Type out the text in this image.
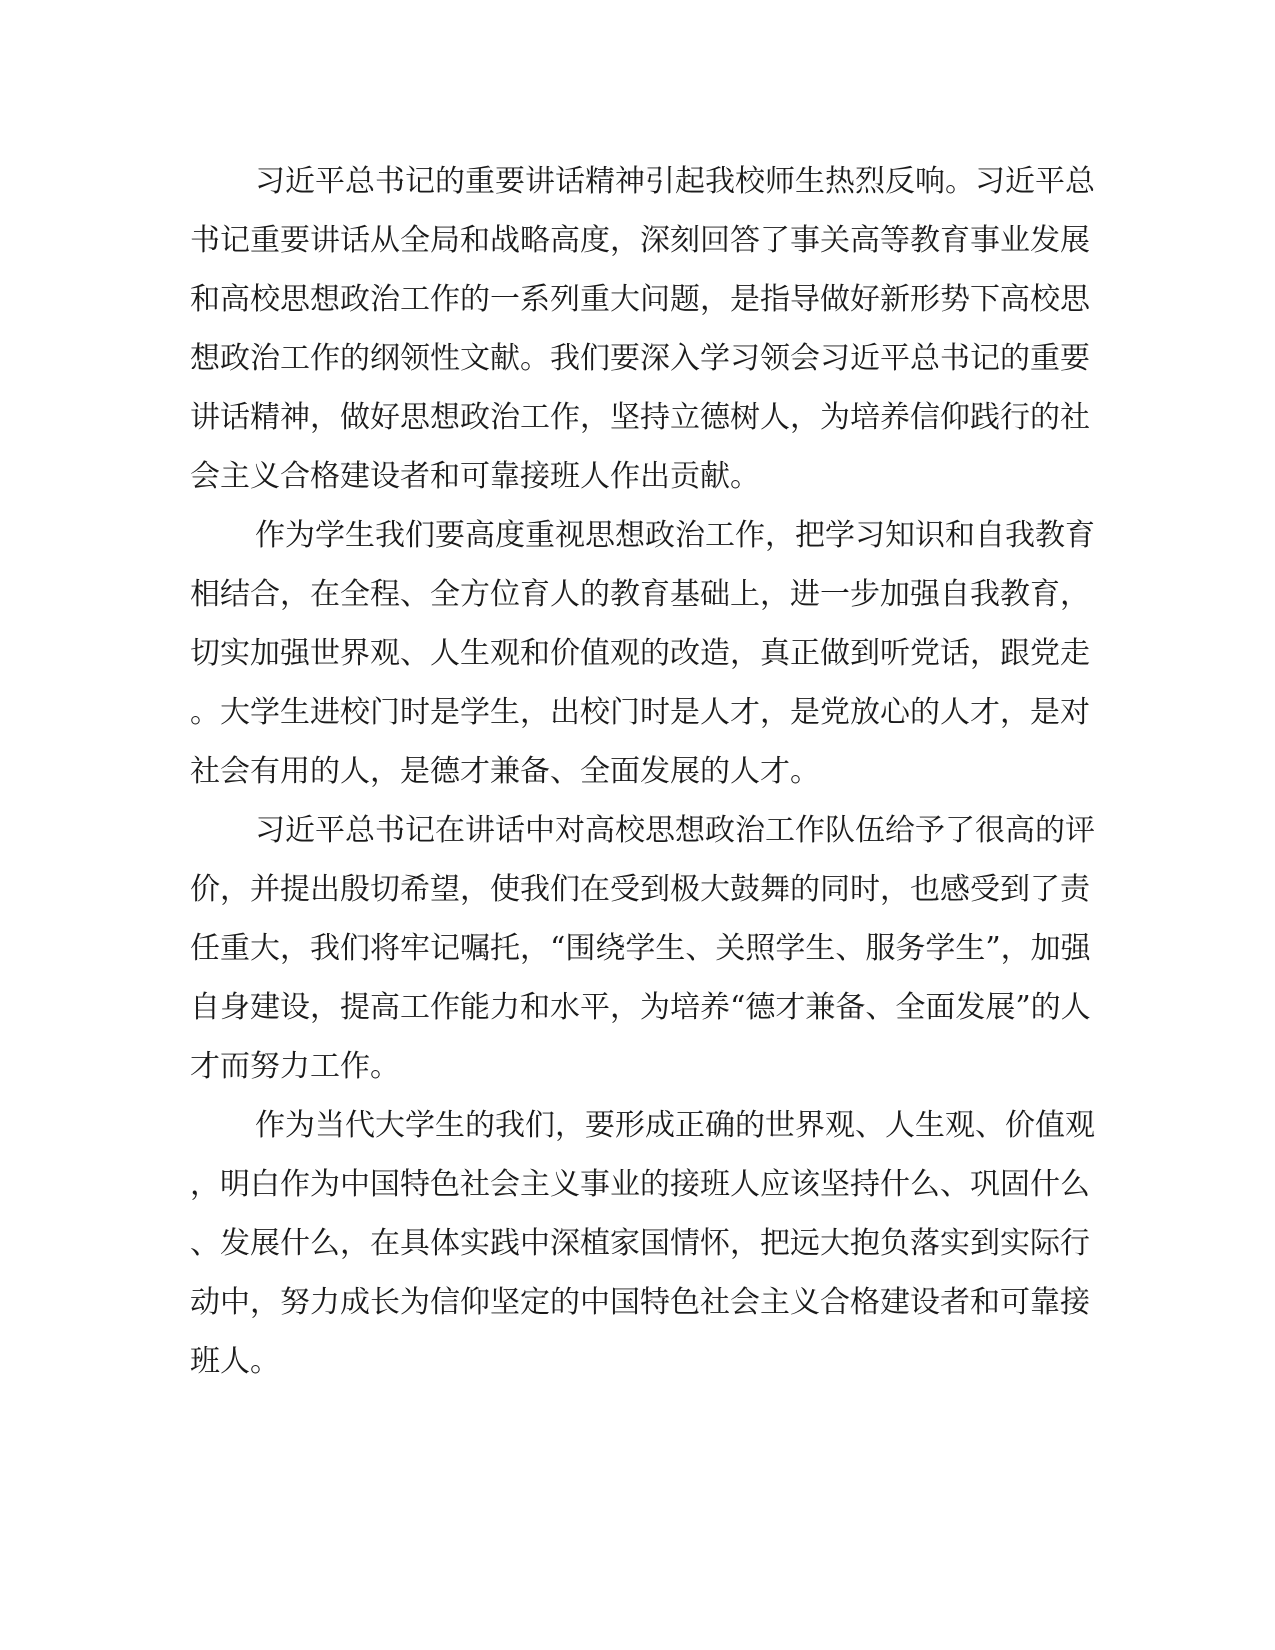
习近平总书记的重要讲话精神引起我校师生热烈反响。习近平总
书记重要讲话从全局和战略高度，深刻回答了事关高等教育事业发展
和高校思想政治工作的一系列重大问题，是指导做好新形势下高校思
想政治工作的纲领性文献。我们要深入学习领会习近平总书记的重要
讲话精神，做好思想政治工作，坚持立德树人，为培养信仰践行的社
会主义合格建设者和可靠接班人作出贡献。
作为学生我们要高度重视思想政治工作，把学习知识和自我教育
相结合，在全程、全方位育人的教育基础上，进一步加强自我教育，
切实加强世界观、人生观和价值观的改造，真正做到听党话，跟党走
。大学生进校门时是学生，出校门时是人才，是党放心的人才，是对
社会有用的人，是德才兼备、全面发展的人才。
习近平总书记在讲话中对高校思想政治工作队伍给予了很高的评
价，并提出殷切希望，使我们在受到极大鼓舞的同时，也感受到了责
任重大，我们将牢记嘱托，“围绕学生、关照学生、服务学生”，加强
自身建设，提高工作能力和水平，为培养“德才兼备、全面发展”的人
才而努力工作。
作为当代大学生的我们，要形成正确的世界观、人生观、价值观
，明白作为中国特色社会主义事业的接班人应该坚持什么、巩固什么
、发展什么，在具体实践中深植家国情怀，把远大抱负落实到实际行
动中，努力成长为信仰坚定的中国特色社会主义合格建设者和可靠接
班人。
